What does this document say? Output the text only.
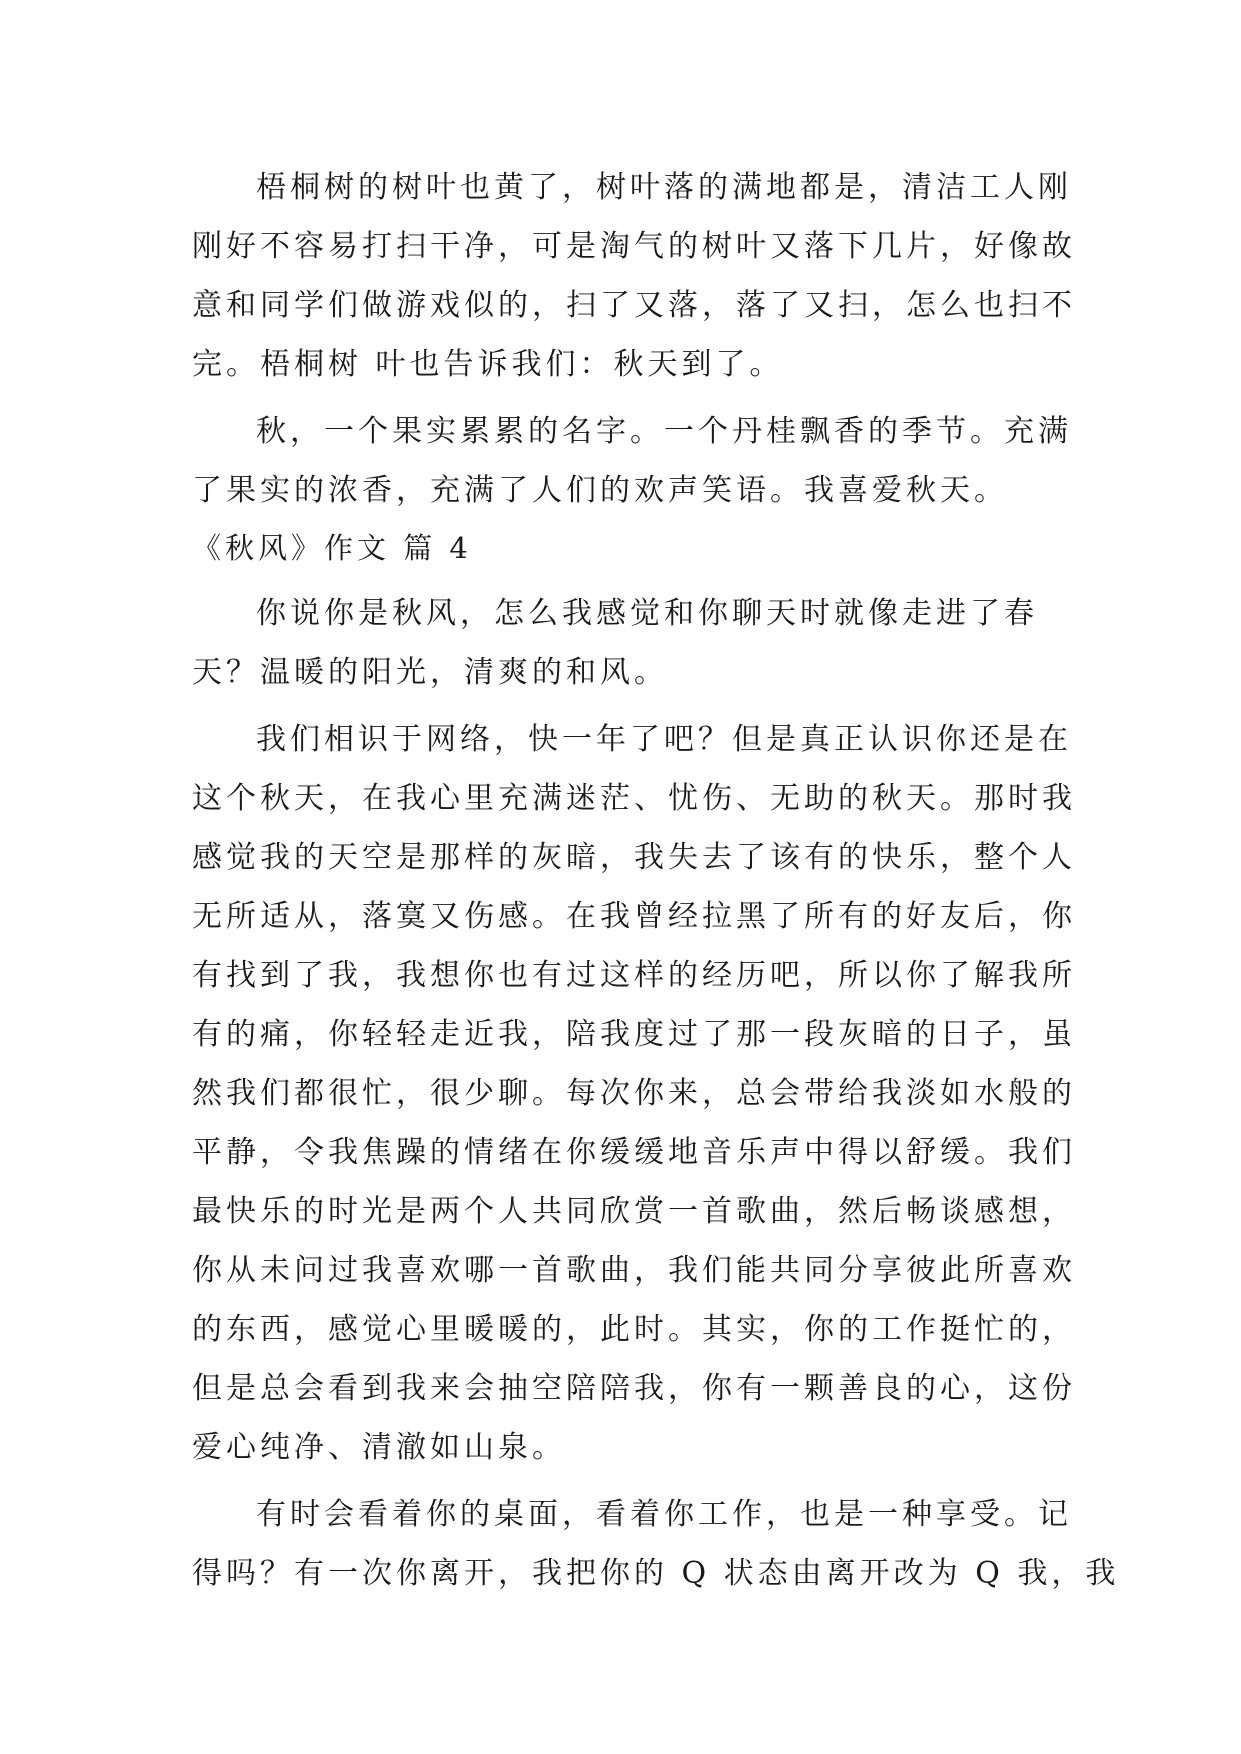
梧桐树的树叶也黄了，树叶落的满地都是，清洁工人刚
刚好不容易打扫干净，可是淘气的树叶又落下几片，好像故
意和同学们做游戏似的，扫了又落，落了又扫，怎么也扫不
完。梧桐树 叶也告诉我们：秋天到了。

秋，一个果实累累的名字。一个丹桂飘香的季节。充满
了果实的浓香，充满了人们的欢声笑语。我喜爱秋天。

《秋风》作文 篇 4

你说你是秋风，怎么我感觉和你聊天时就像走进了春
天？温暖的阳光，清爽的和风。

我们相识于网络，快一年了吧？但是真正认识你还是在
这个秋天，在我心里充满迷茫、忧伤、无助的秋天。那时我
感觉我的天空是那样的灰暗，我失去了该有的快乐，整个人
无所适从，落寞又伤感。在我曾经拉黑了所有的好友后，你
有找到了我，我想你也有过这样的经历吧，所以你了解我所
有的痛，你轻轻走近我，陪我度过了那一段灰暗的日子，虽
然我们都很忙，很少聊。每次你来，总会带给我淡如水般的
平静，令我焦躁的情绪在你缓缓地音乐声中得以舒缓。我们
最快乐的时光是两个人共同欣赏一首歌曲，然后畅谈感想，
你从未问过我喜欢哪一首歌曲，我们能共同分享彼此所喜欢
的东西，感觉心里暖暖的，此时。其实，你的工作挺忙的，
但是总会看到我来会抽空陪陪我，你有一颗善良的心，这份
爱心纯净、清澈如山泉。

有时会看着你的桌面，看着你工作，也是一种享受。记
得吗？有一次你离开，我把你的 Q 状态由离开改为 Q 我，我
